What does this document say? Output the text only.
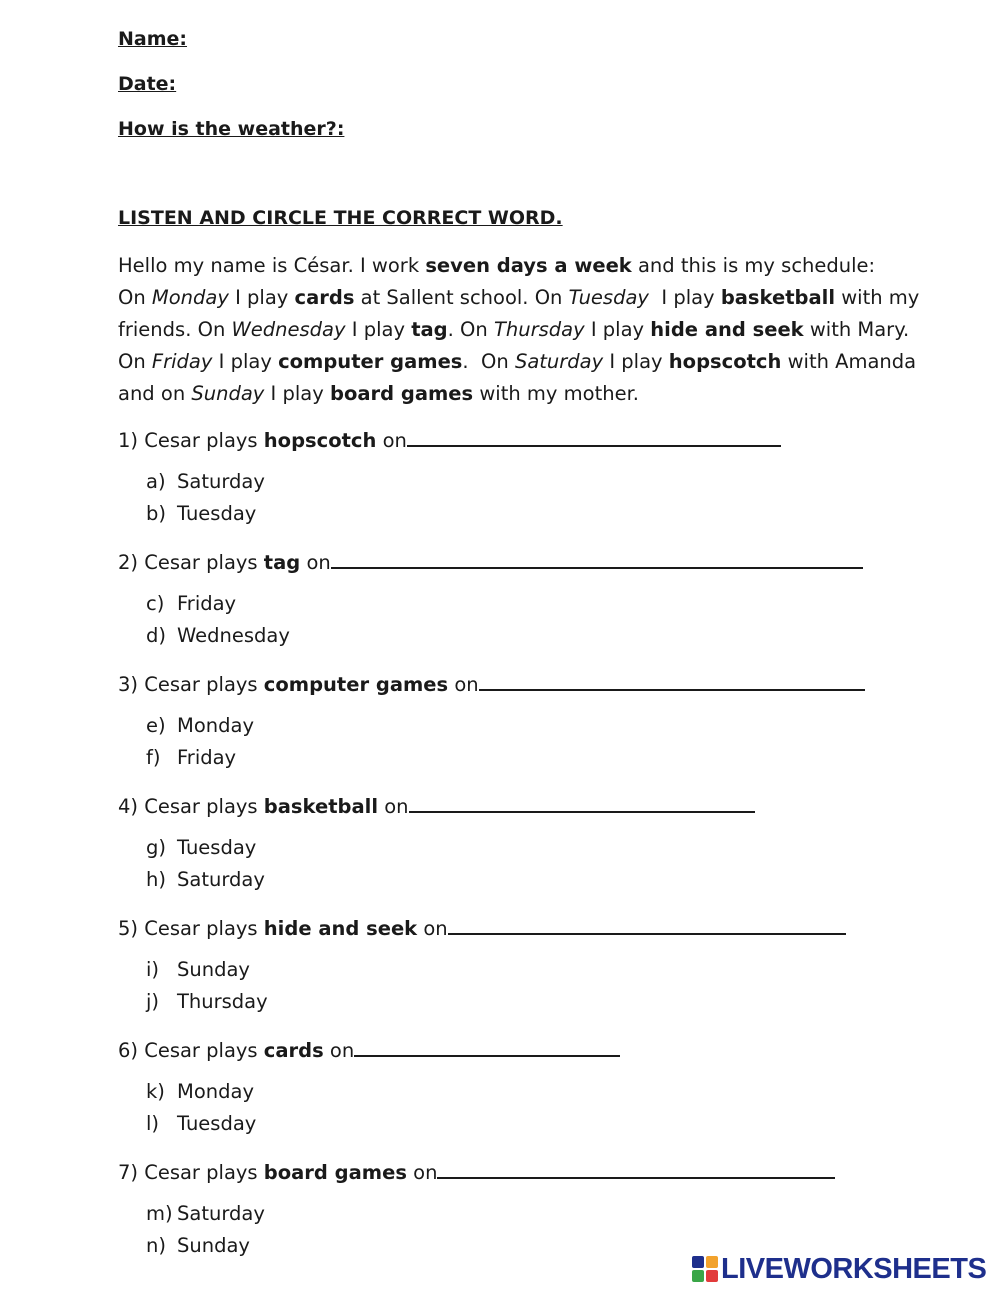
Name:
Date:
How is the weather?:
LISTEN AND CIRCLE THE CORRECT WORD.
Hello my name is César. I work seven days a week and this is my schedule:
On Monday I play cards at Sallent school. On Tuesday  I play basketball with my
friends. On Wednesday I play tag. On Thursday I play hide and seek with Mary.
On Friday I play computer games.  On Saturday I play hopscotch with Amanda
and on Sunday I play board games with my mother.
1) Cesar plays hopscotch on
a) Saturday
b) Tuesday
2) Cesar plays tag on
c) Friday
d) Wednesday
3) Cesar plays computer games on
e) Monday
f) Friday
4) Cesar plays basketball on
g) Tuesday
h) Saturday
5) Cesar plays hide and seek on
i) Sunday
j) Thursday
6) Cesar plays cards on
k) Monday
l) Tuesday
7) Cesar plays board games on
m) Saturday
n) Sunday
LIVEWORKSHEETS
